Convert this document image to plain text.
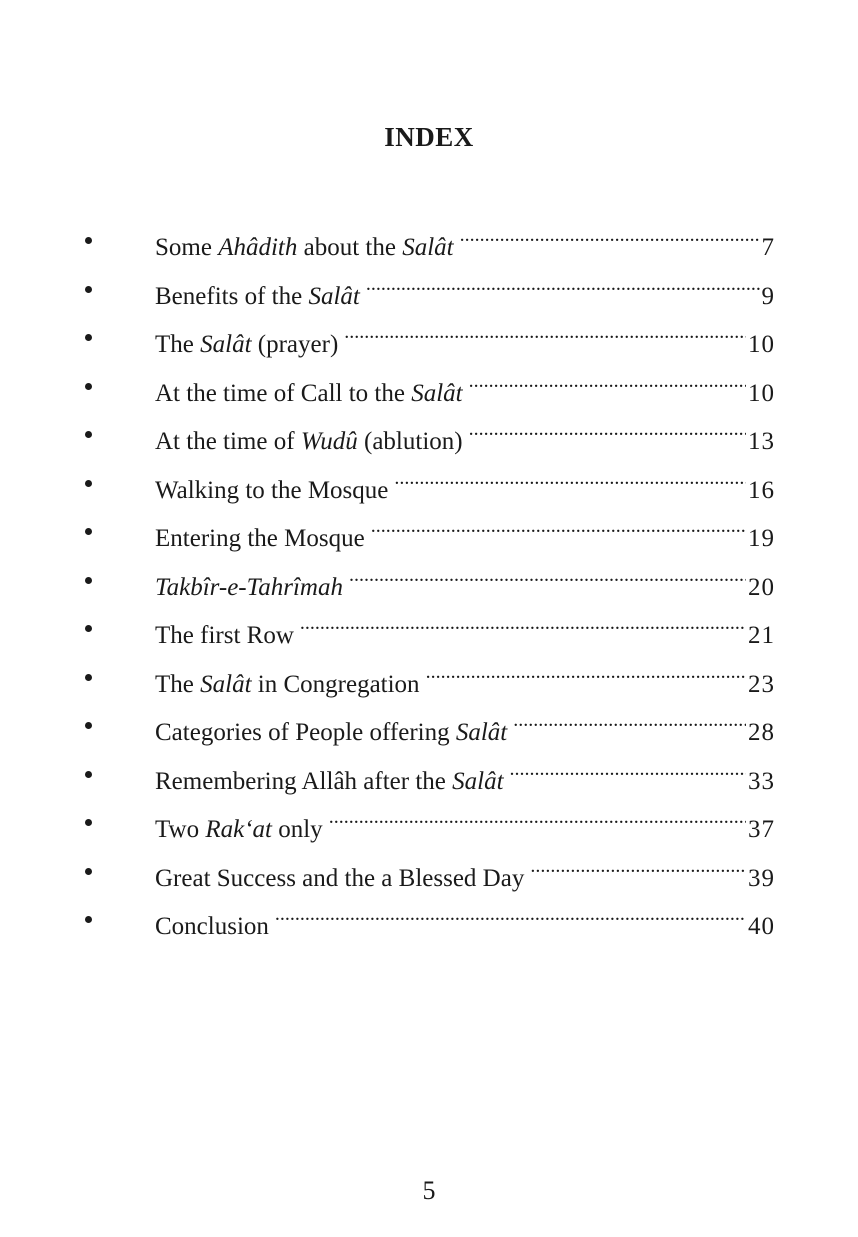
INDEX
Some Ahâdith about the Salât .....	7
Benefits of the Salât .....	9
The Salât (prayer) .....	10
At the time of Call to the Salât .....	10
At the time of Wudû (ablution) .....	13
Walking to the Mosque .....	16
Entering the Mosque .....	19
Takbîr-e-Tahrîmah .....	20
The first Row .....	21
The Salât in Congregation .....	23
Categories of People offering Salât .....	28
Remembering Allâh after the Salât .....	33
Two Rak‘at only .....	37
Great Success and the a Blessed Day .....	39
Conclusion .....	40
5
